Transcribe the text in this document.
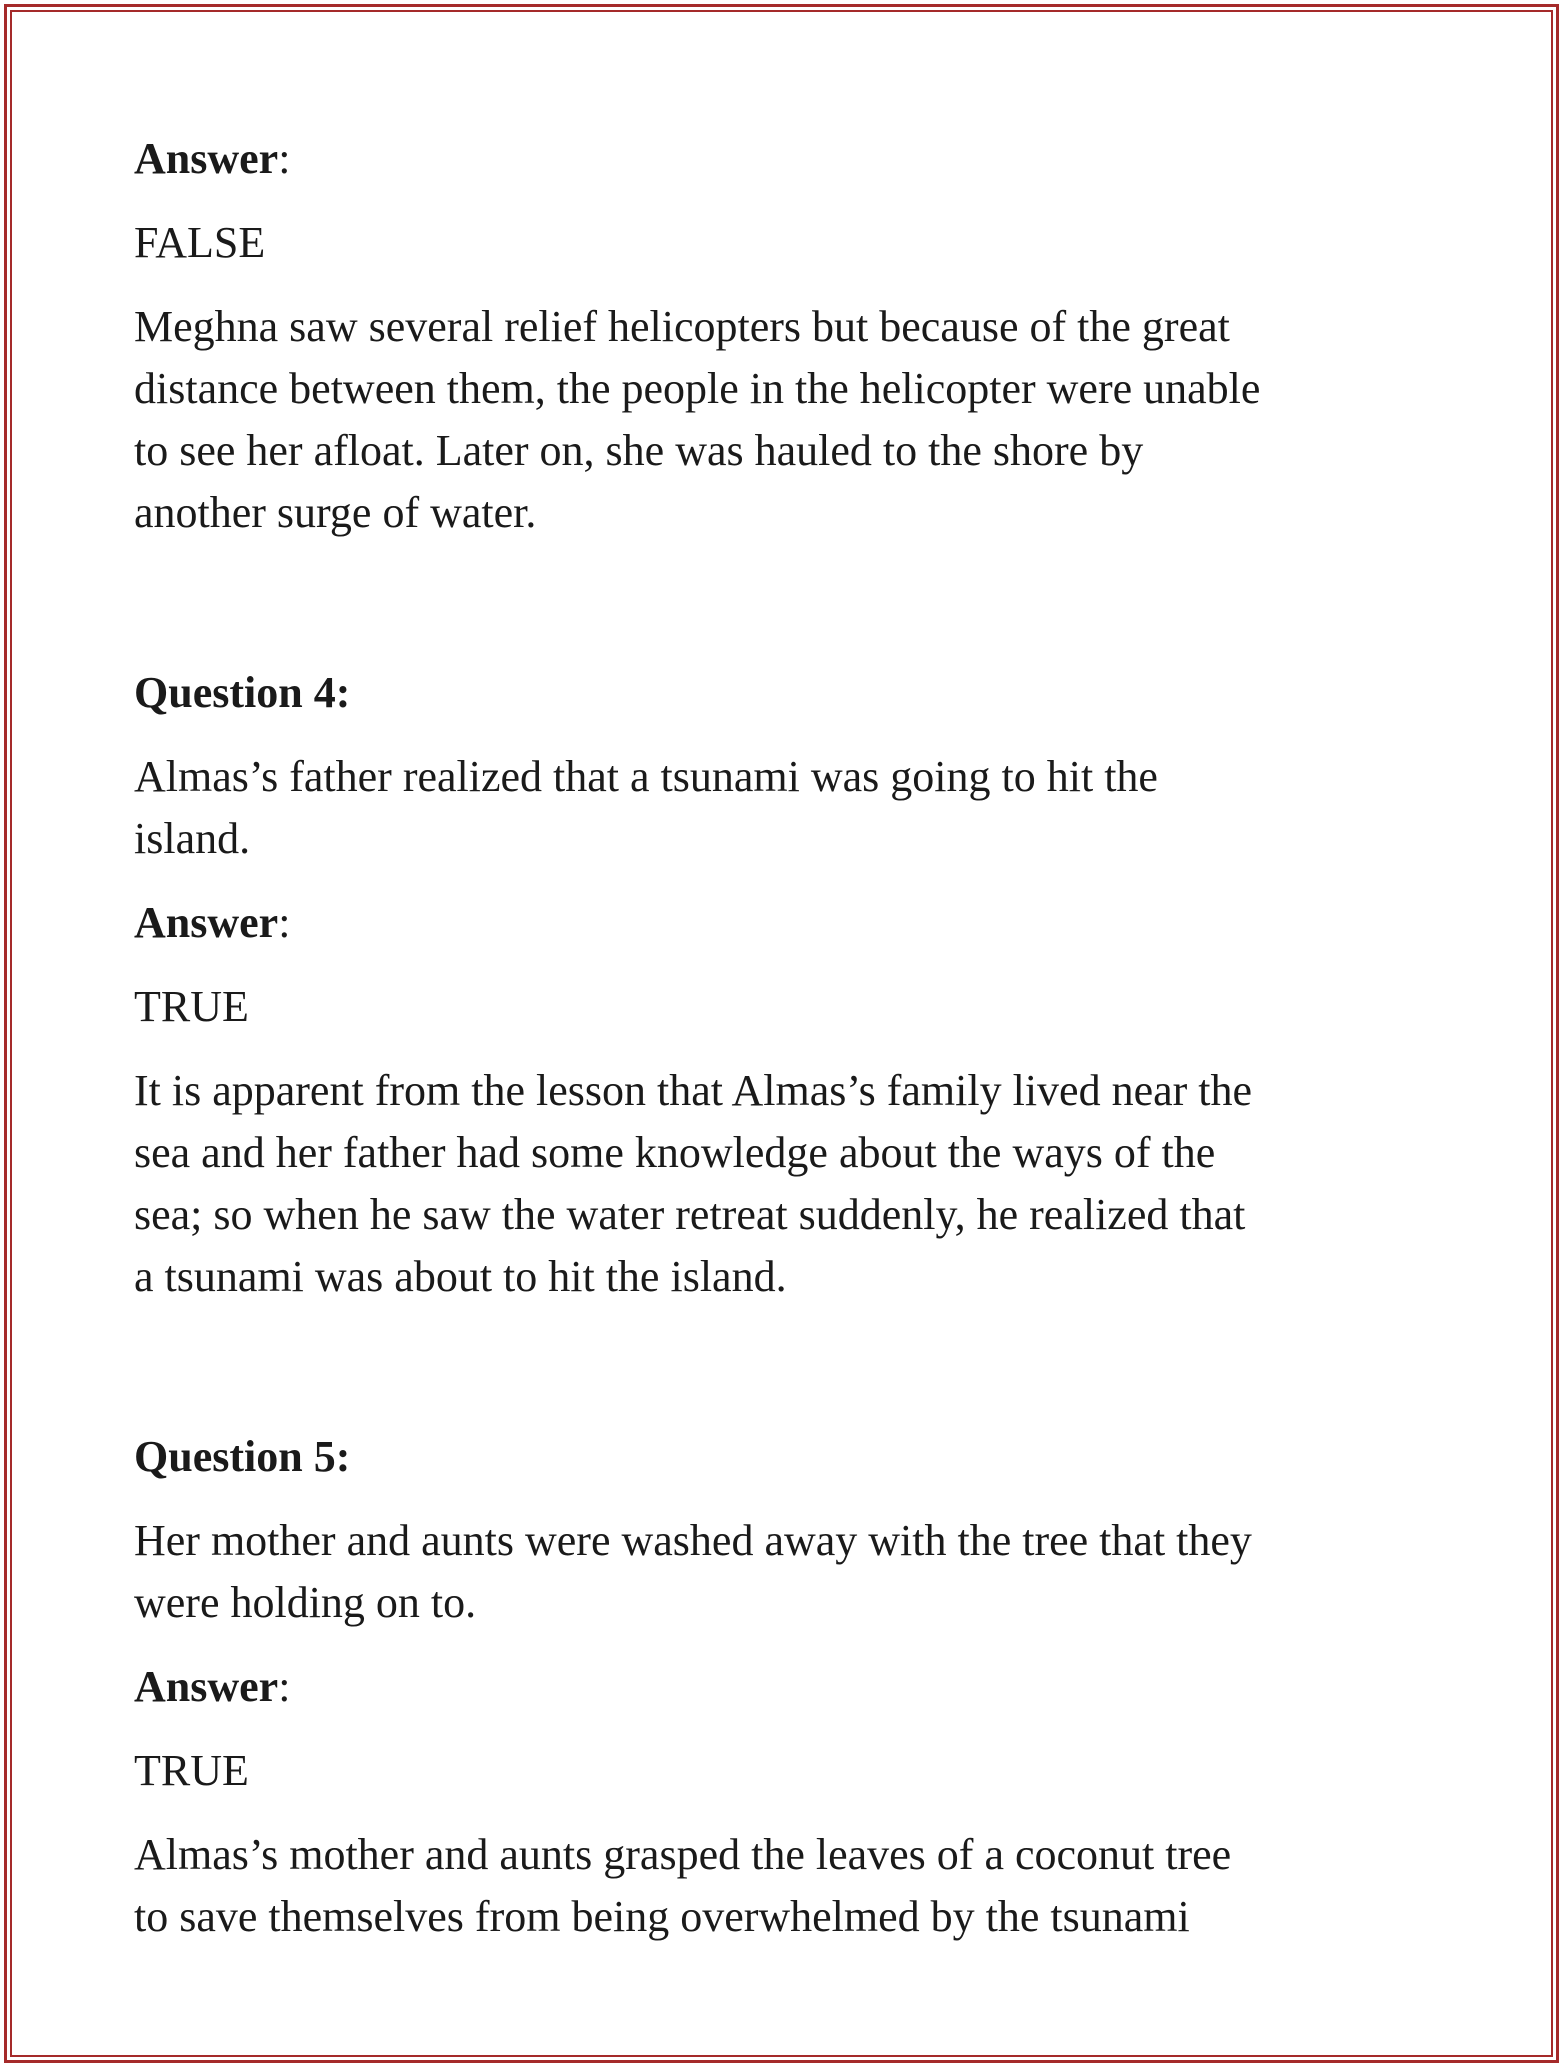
Answer:

FALSE

Meghna saw several relief helicopters but because of the great
distance between them, the people in the helicopter were unable
to see her afloat. Later on, she was hauled to the shore by
another surge of water.

Question 4:

Almas’s father realized that a tsunami was going to hit the
island.

Answer:

TRUE

It is apparent from the lesson that Almas’s family lived near the
sea and her father had some knowledge about the ways of the
sea; so when he saw the water retreat suddenly, he realized that
a tsunami was about to hit the island.

Question 5:

Her mother and aunts were washed away with the tree that they
were holding on to.

Answer:

TRUE

Almas’s mother and aunts grasped the leaves of a coconut tree
to save themselves from being overwhelmed by the tsunami
